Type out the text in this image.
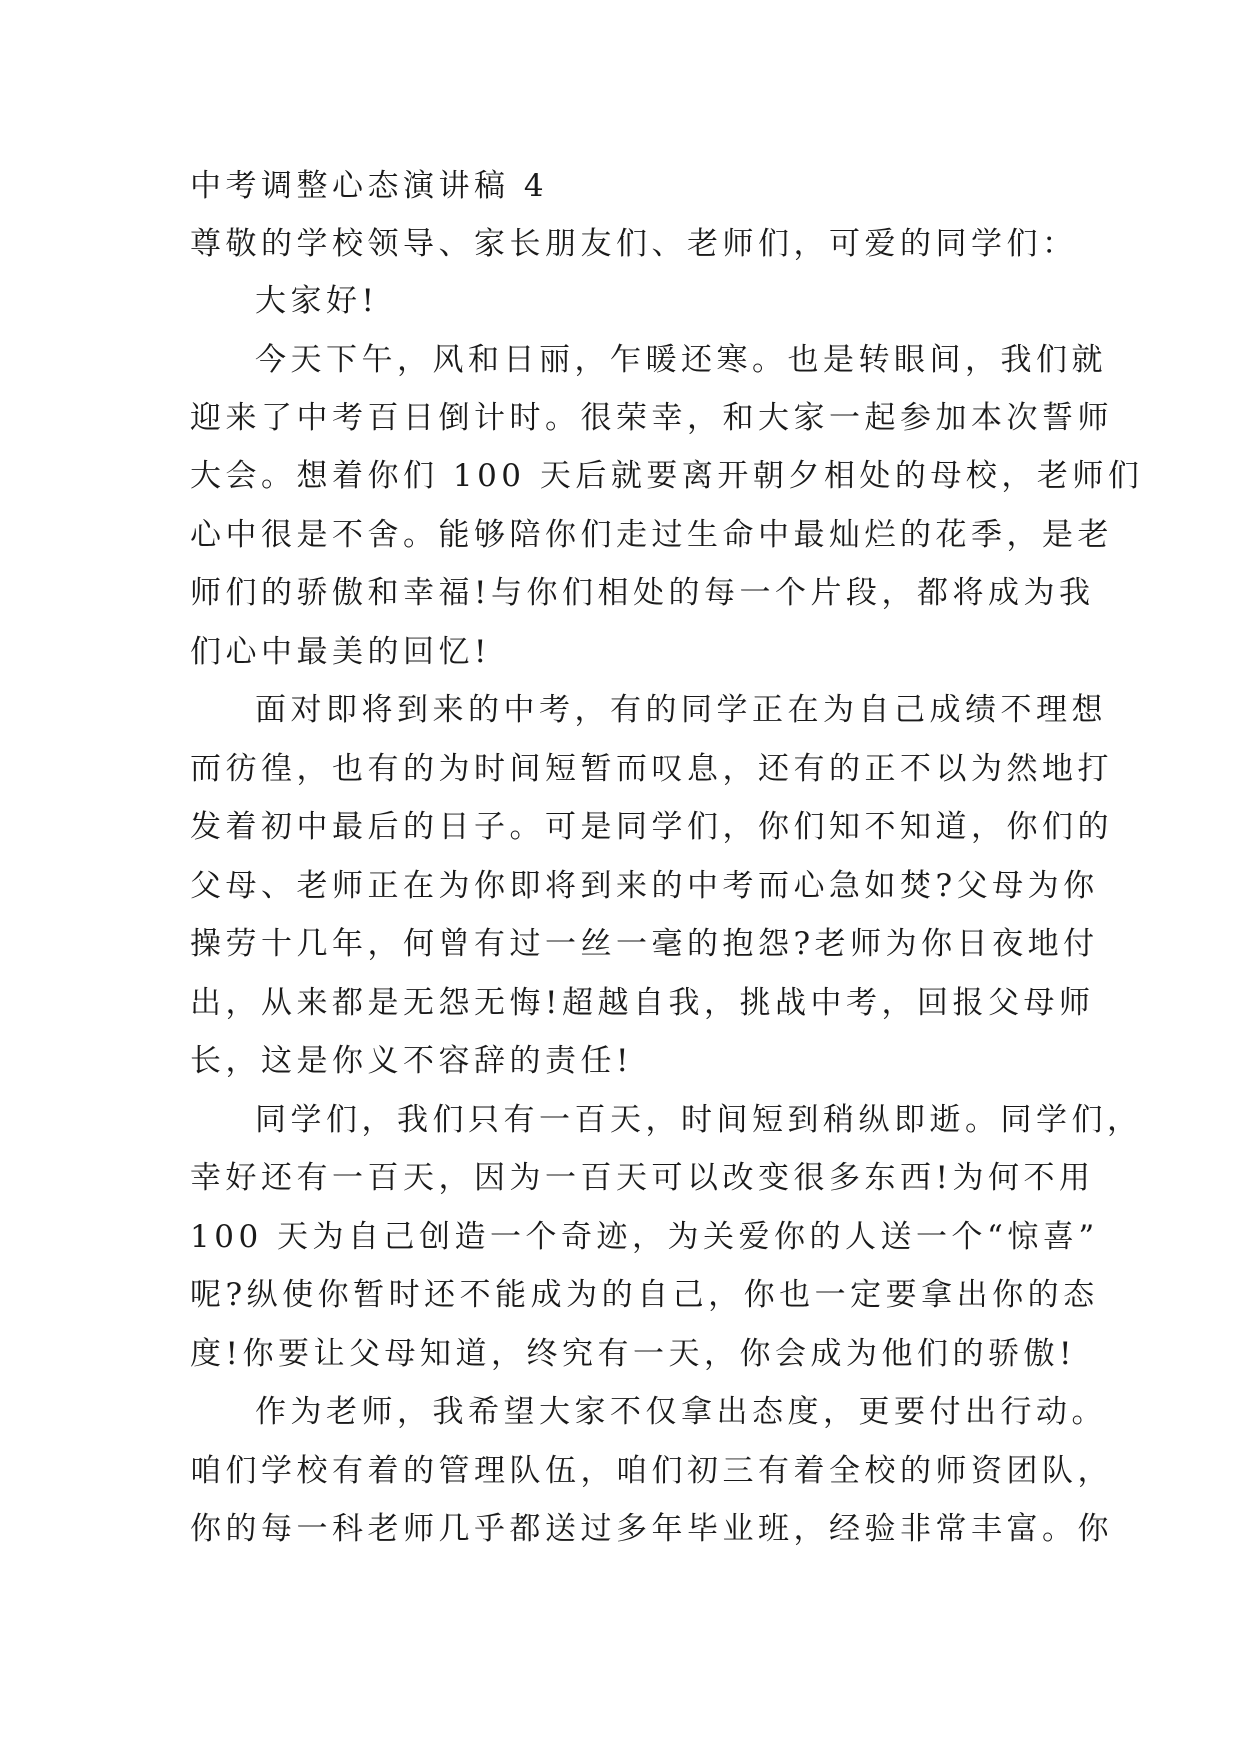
中考调整心态演讲稿 4
尊敬的学校领导、家长朋友们、老师们，可爱的同学们：
大家好!
今天下午，风和日丽，乍暖还寒。也是转眼间，我们就
迎来了中考百日倒计时。很荣幸，和大家一起参加本次誓师
大会。想着你们 100 天后就要离开朝夕相处的母校，老师们
心中很是不舍。能够陪你们走过生命中最灿烂的花季，是老
师们的骄傲和幸福!与你们相处的每一个片段，都将成为我
们心中最美的回忆!
面对即将到来的中考，有的同学正在为自己成绩不理想
而彷徨，也有的为时间短暂而叹息，还有的正不以为然地打
发着初中最后的日子。可是同学们，你们知不知道，你们的
父母、老师正在为你即将到来的中考而心急如焚?父母为你
操劳十几年，何曾有过一丝一毫的抱怨?老师为你日夜地付
出，从来都是无怨无悔!超越自我，挑战中考，回报父母师
长，这是你义不容辞的责任!
同学们，我们只有一百天，时间短到稍纵即逝。同学们，
幸好还有一百天，因为一百天可以改变很多东西!为何不用
100 天为自己创造一个奇迹，为关爱你的人送一个“惊喜”
呢?纵使你暂时还不能成为的自己，你也一定要拿出你的态
度!你要让父母知道，终究有一天，你会成为他们的骄傲!
作为老师，我希望大家不仅拿出态度，更要付出行动。
咱们学校有着的管理队伍，咱们初三有着全校的师资团队，
你的每一科老师几乎都送过多年毕业班，经验非常丰富。你
